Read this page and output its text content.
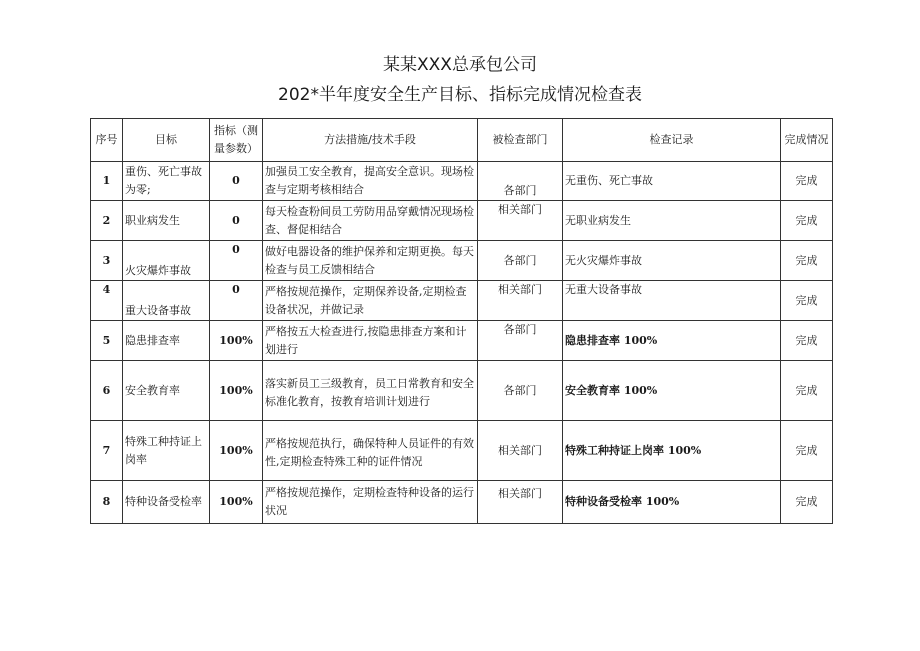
某某XXX总承包公司
202*半年度安全生产目标、指标完成情况检查表
序号	目标	指标（测量参数）	方法措施/技术手段	被检查部门	检查记录	完成情况
1	重伤、死亡事故为零;	0	加强员工安全教育，提高安全意识。现场检查与定期考核相结合	各部门	无重伤、死亡事故	完成
2	职业病发生	0	每天检查粉间员工劳防用品穿戴情况现场检查、督促相结合	相关部门	无职业病发生	完成
3	火灾爆炸事故	0	做好电器设备的维护保养和定期更换。每天检查与员工反馈相结合	各部门	无火灾爆炸事故	完成
4	重大设备事故	0	严格按规范操作，定期保养设备,定期检查设备状况，并做记录	相关部门	无重大设备事故	完成
5	隐患排查率	100%	严格按五大检查进行,按隐患排查方案和计划进行	各部门	隐患排查率 100%	完成
6	安全教育率	100%	落实新员工三级教育，员工日常教育和安全标准化教育，按教育培训计划进行	各部门	安全教育率 100%	完成
7	特殊工种持证上岗率	100%	严格按规范执行，确保特种人员证件的有效性,定期检查特殊工种的证件情况	相关部门	特殊工种持证上岗率 100%	完成
8	特种设备受检率	100%	严格按规范操作，定期检查特种设备的运行状况	相关部门	特种设备受检率 100%	完成
